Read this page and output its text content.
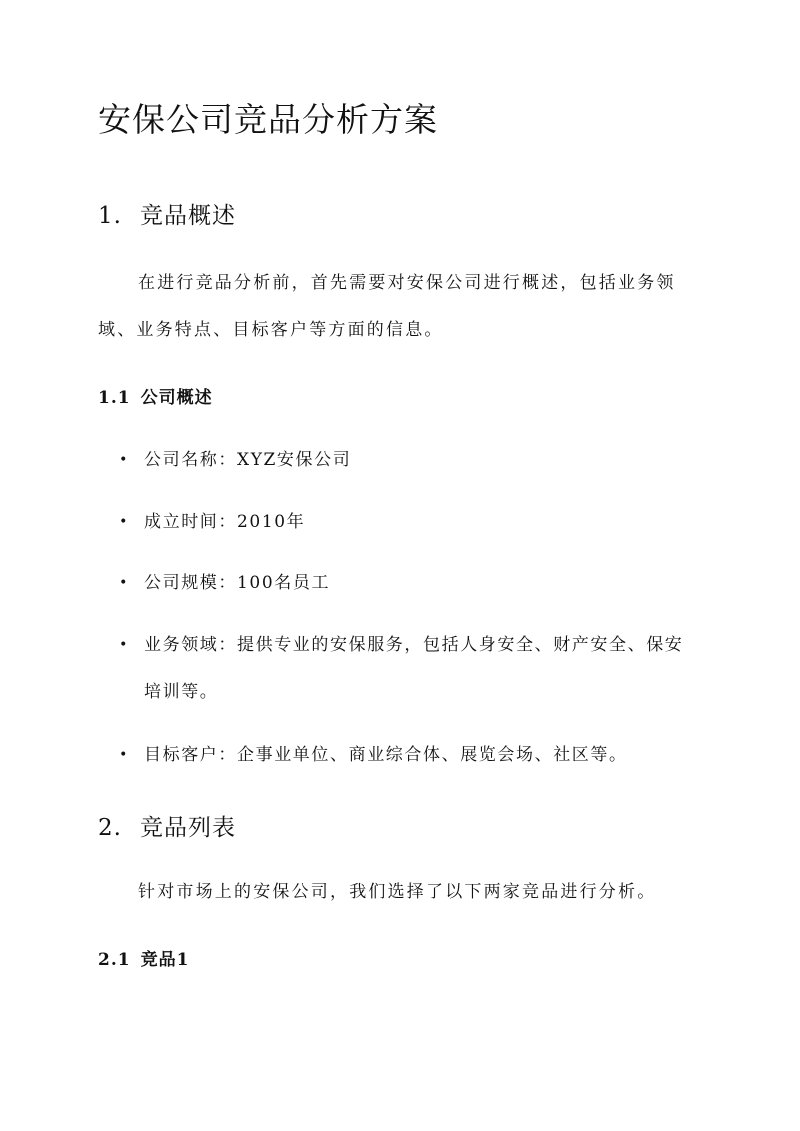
安保公司竞品分析方案
1. 竞品概述
在进行竞品分析前，首先需要对安保公司进行概述，包括业务领域、业务特点、目标客户等方面的信息。
1.1 公司概述
• 公司名称：XYZ安保公司
• 成立时间：2010年
• 公司规模：100名员工
• 业务领域：提供专业的安保服务，包括人身安全、财产安全、保安培训等。
• 目标客户：企事业单位、商业综合体、展览会场、社区等。
2. 竞品列表
针对市场上的安保公司，我们选择了以下两家竞品进行分析。
2.1 竞品1
